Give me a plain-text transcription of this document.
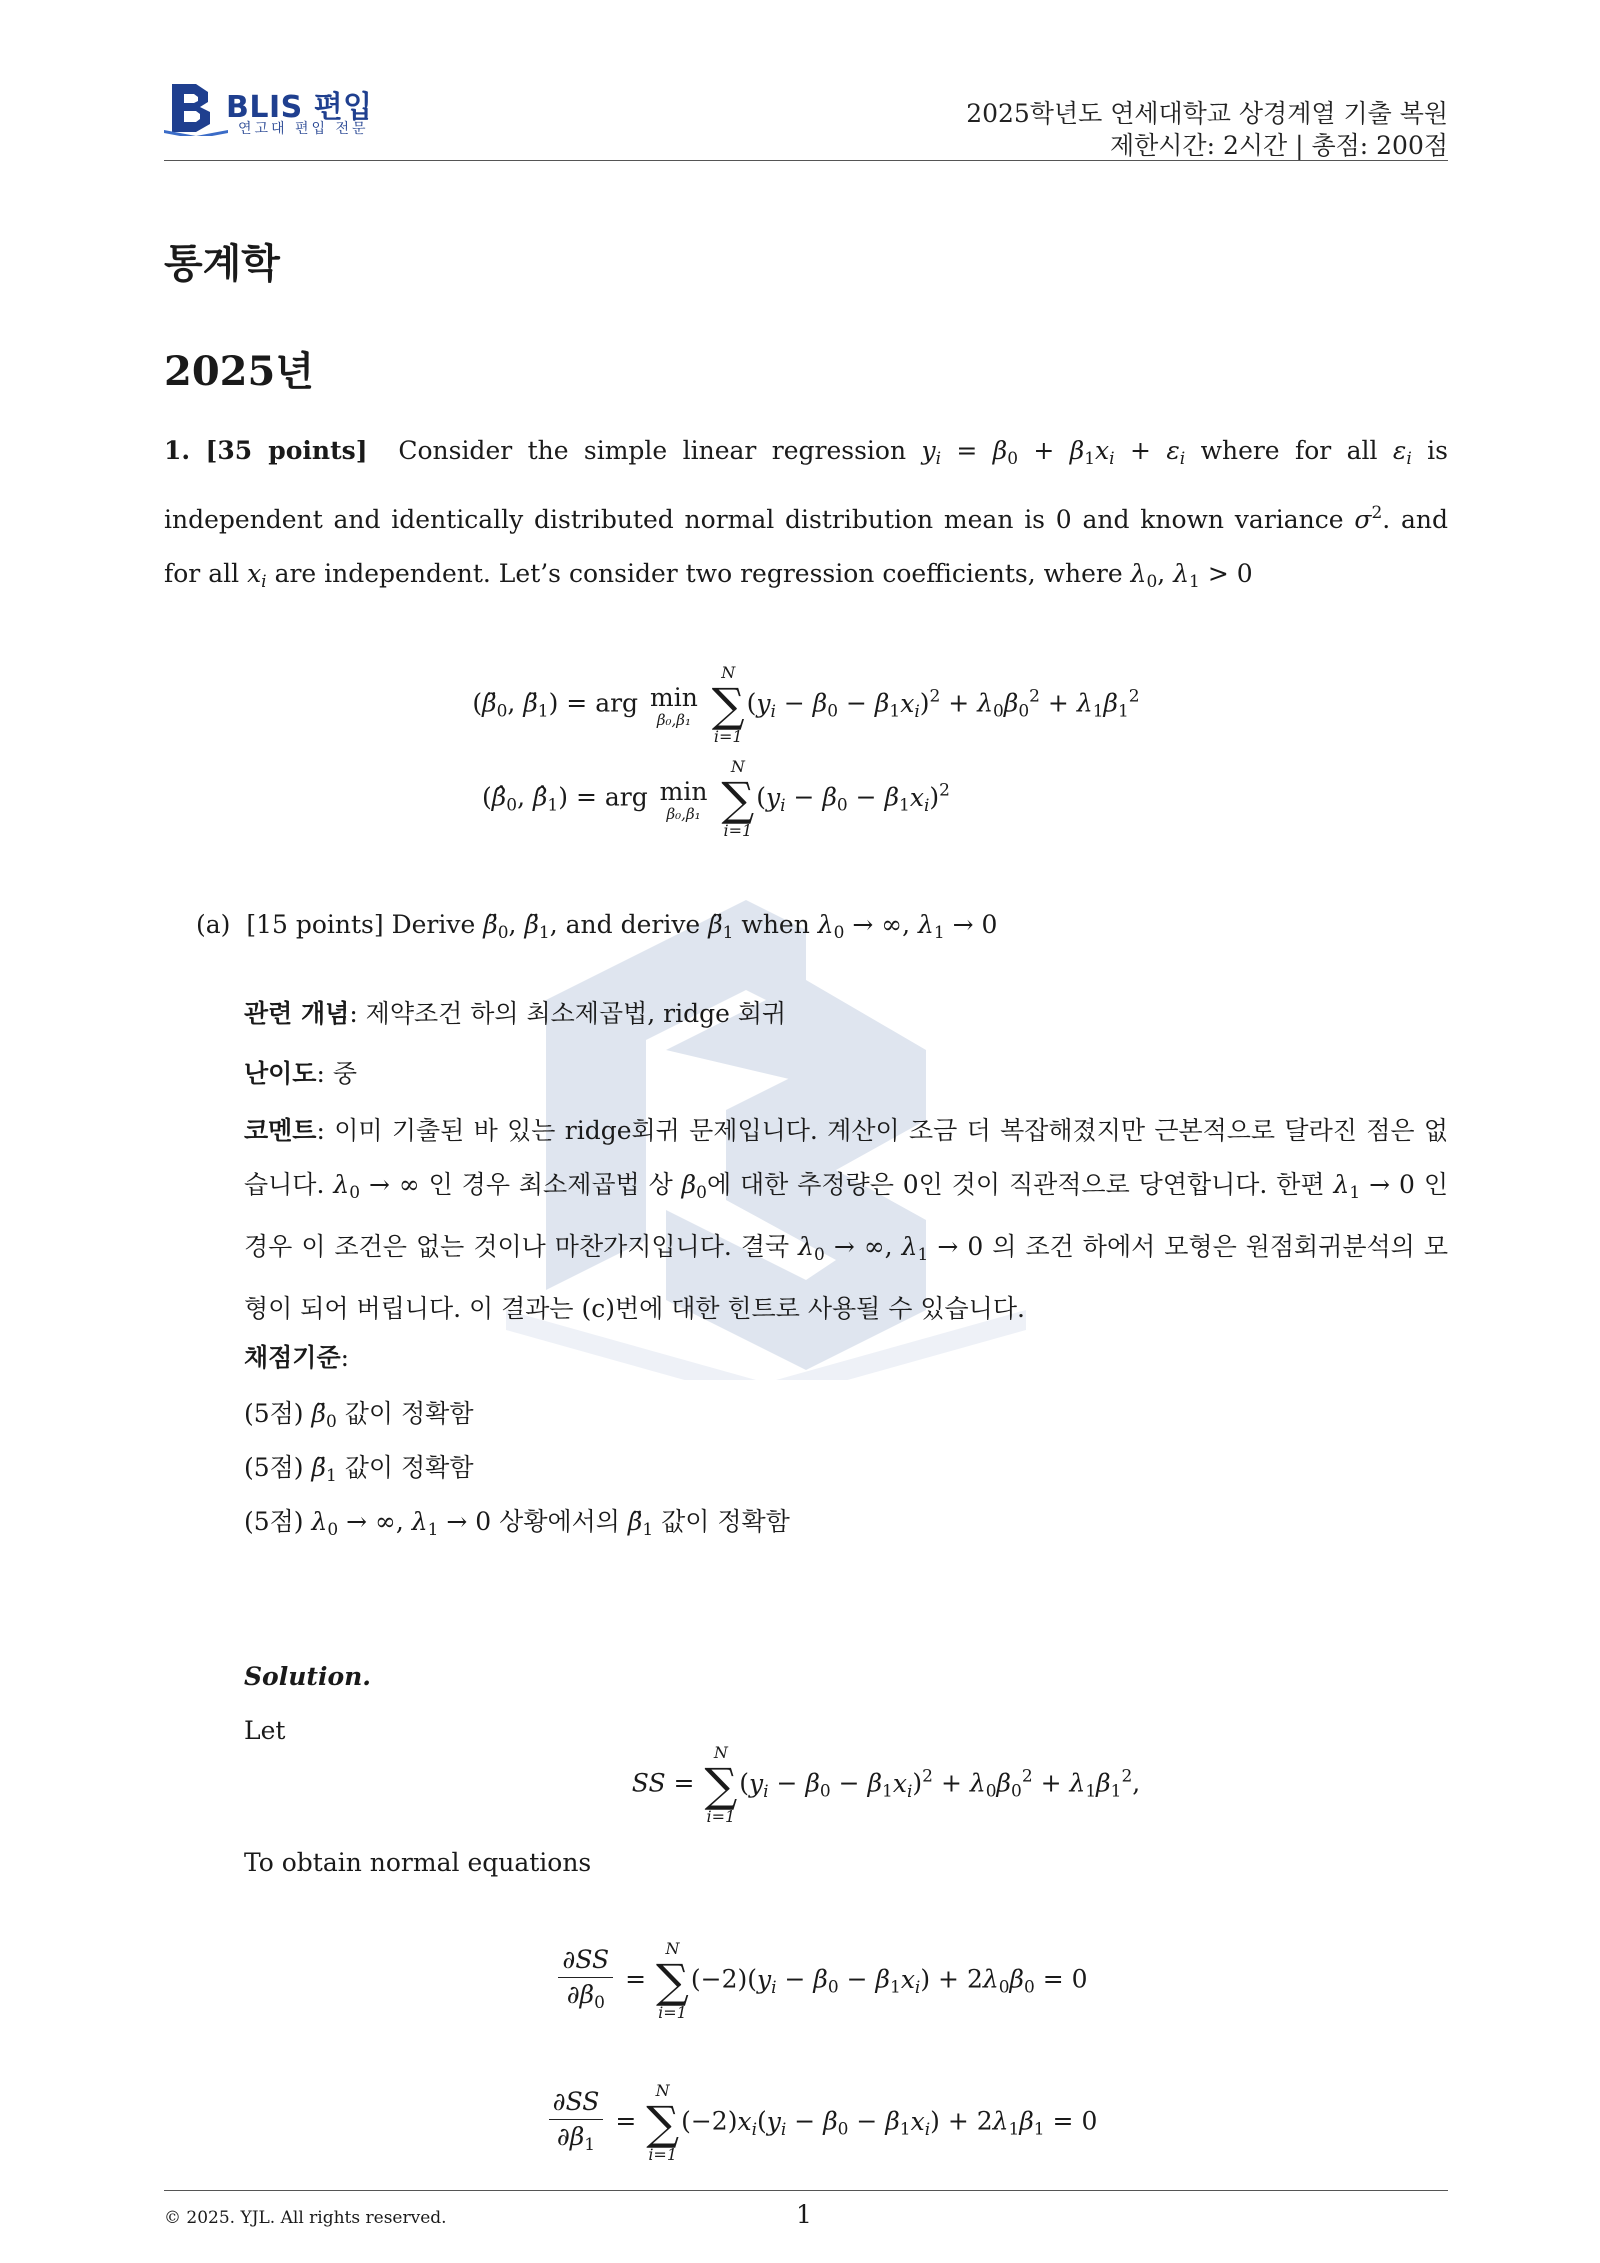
BLIS 편입
연고대 편입 전문
2025학년도 연세대학교 상경계열 기출 복원
제한시간: 2시간 | 총점: 200점
통계학
2025년
1. [35 points] Consider the simple linear regression $y_i = \beta_0 + \beta_1x_i + \varepsilon_i$ where for all $\varepsilon_i$ is independent and identically distributed normal distribution mean is 0 and known variance $\sigma^2$. and for all $x_i$ are independent. Let’s consider two regression coefficients, where $\lambda_0$, $\lambda_1 > 0$
($\betä_0$, $\betä_1$) = arg min
β₀,β₁

N
∑
i=1
$(y_i - \beta_0 - \beta_1x_i)^2 + \lambda_0\beta_0^2 + \lambda_1\beta_1^2$
($\betâ_0$, $\betâ_1$) = arg min
β₀,β₁

N
∑
i=1
$(y_i - \beta_0 - \beta_1x_i)^2$
(a) [15 points] Derive $\betä_0$, $\betä_1$, and derive $\betä_1$ when $\lambda_0$ → ∞, $\lambda_1 \to 0$
관련 개념: 제약조건 하의 최소제곱법, ridge 회귀
난이도: 중
코멘트: 이미 기출된 바 있는 ridge회귀 문제입니다. 계산이 조금 더 복잡해졌지만 근본적으로 달라진 점은 없습니다. $\lambda_0$ → ∞ 인 경우 최소제곱법 상 $\beta_0$에 대한 추정량은 0인 것이 직관적으로 당연합니다. 한편 $\lambda_1 \to 0$ 인 경우 이 조건은 없는 것이나 마찬가지입니다. 결국 $\lambda_0$ → ∞, $\lambda_1 \to 0$ 의 조건 하에서 모형은 원점회귀분석의 모형이 되어 버립니다. 이 결과는 (c)번에 대한 힌트로 사용될 수 있습니다.
채점기준:
(5점) $\betä_0$ 값이 정확함
(5점) $\betä_1$ 값이 정확함
(5점) $\lambda_0$ → ∞, $\lambda_1 \to 0$ 상황에서의 $\betä_1$ 값이 정확함
Solution.
Let
SS =
N
∑
i=1
$(y_i - \beta_0 - \beta_1x_i)^2 + \lambda_0\beta_0^2 + \lambda_1\beta_1^2$,
To obtain normal equations
$\frac{\partial SS}{\partial\beta_0}$ =
N
∑
i=1
$(-2)(y_i - \beta_0 - \beta_1x_i) + 2\lambda_0\beta_0 = 0$
$\frac{\partial SS}{\partial\beta_1}$ =
N
∑
i=1
$(-2)x_i(y_i - \beta_0 - \beta_1x_i) + 2\lambda_1\beta_1 = 0$
© 2025. YJL. All rights reserved.	1
